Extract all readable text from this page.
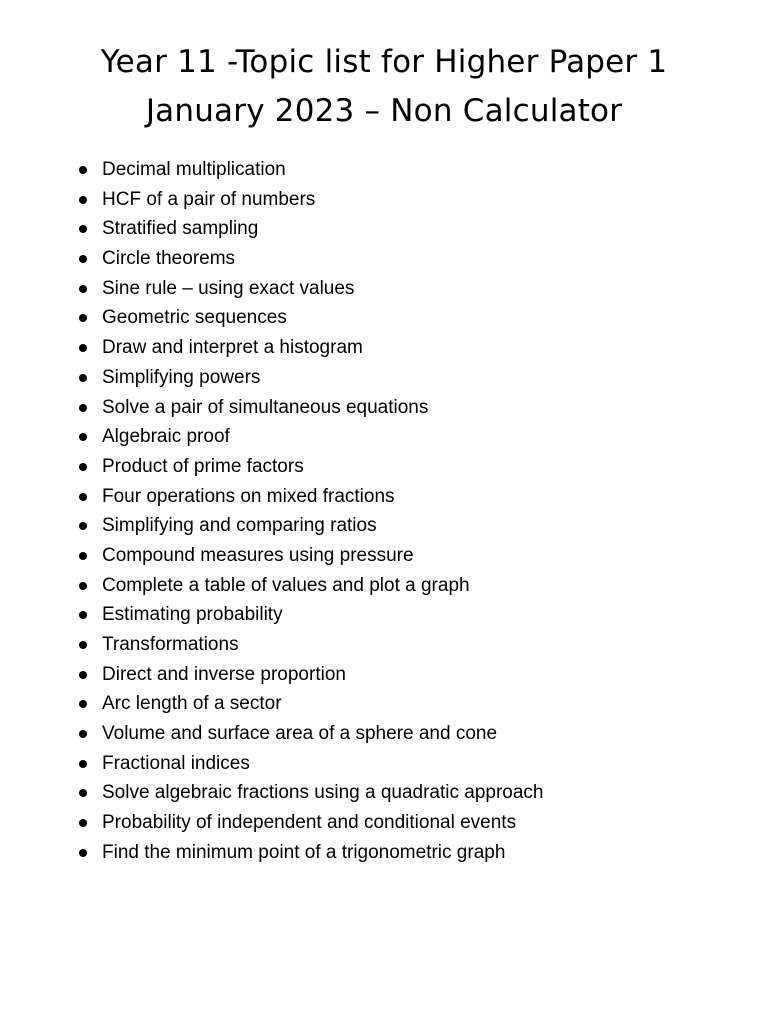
Year 11 -Topic list for Higher Paper 1
January 2023 – Non Calculator
Decimal multiplication
HCF of a pair of numbers
Stratified sampling
Circle theorems
Sine rule – using exact values
Geometric sequences
Draw and interpret a histogram
Simplifying powers
Solve a pair of simultaneous equations
Algebraic proof
Product of prime factors
Four operations on mixed fractions
Simplifying and comparing ratios
Compound measures using pressure
Complete a table of values and plot a graph
Estimating probability
Transformations
Direct and inverse proportion
Arc length of a sector
Volume and surface area of a sphere and cone
Fractional indices
Solve algebraic fractions using a quadratic approach
Probability of independent and conditional events
Find the minimum point of a trigonometric graph
